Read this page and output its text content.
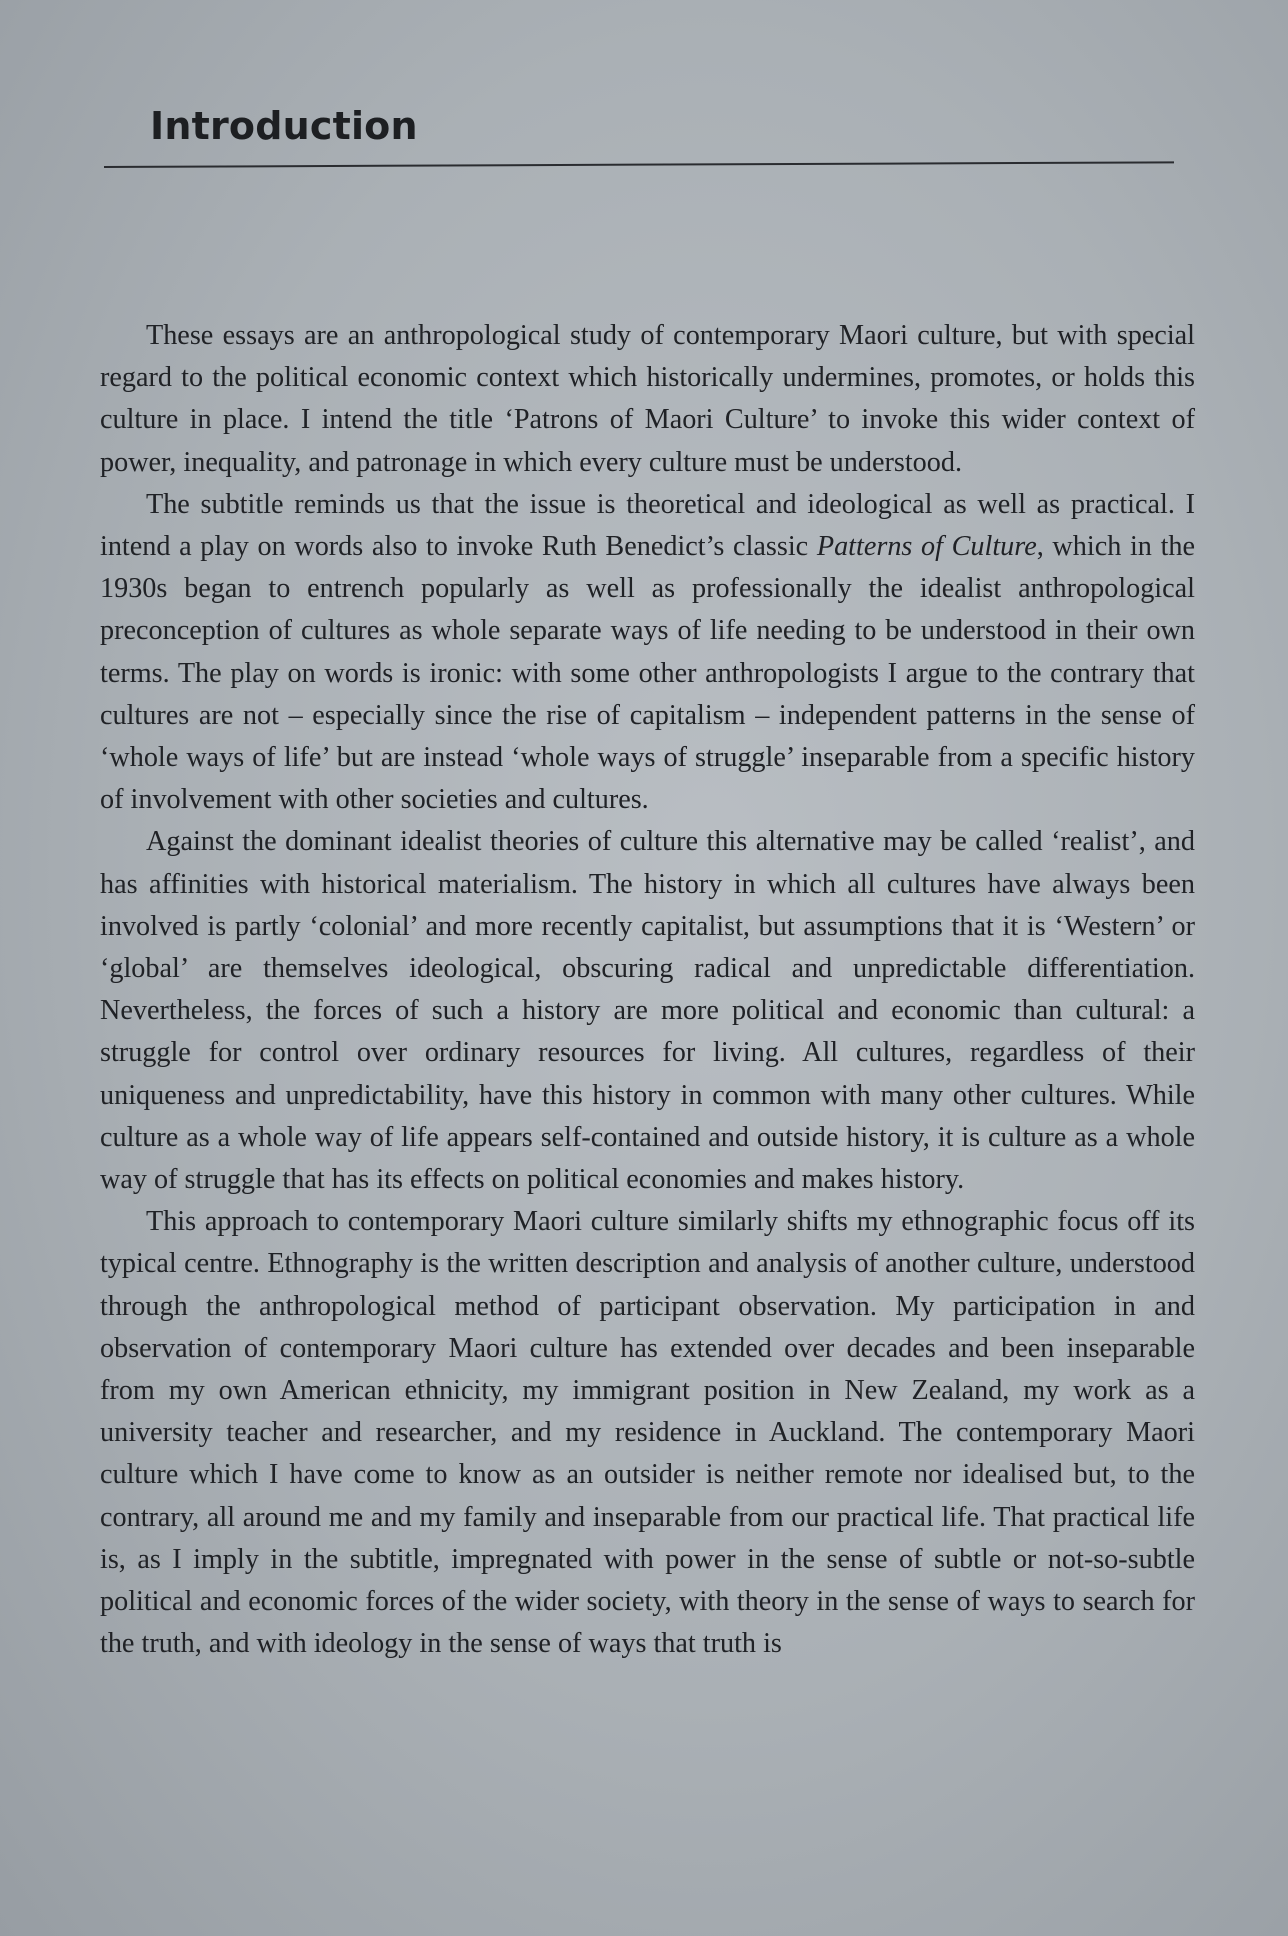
Introduction

These essays are an anthropological study of contemporary Maori culture, but with special regard to the political economic context which historically undermines, promotes, or holds this culture in place. I intend the title ‘Patrons of Maori Culture’ to invoke this wider context of power, inequality, and patronage in which every culture must be understood.

The subtitle reminds us that the issue is theoretical and ideological as well as practical. I intend a play on words also to invoke Ruth Benedict’s classic Patterns of Culture, which in the 1930s began to entrench popularly as well as professionally the idealist anthropological preconception of cultures as whole separate ways of life needing to be understood in their own terms. The play on words is ironic: with some other anthropologists I argue to the contrary that cultures are not – especially since the rise of capitalism – independent patterns in the sense of ‘whole ways of life’ but are instead ‘whole ways of struggle’ inseparable from a specific history of involvement with other societies and cultures.

Against the dominant idealist theories of culture this alternative may be called ‘realist’, and has affinities with historical materialism. The history in which all cultures have always been involved is partly ‘colonial’ and more recently capitalist, but assumptions that it is ‘Western’ or ‘global’ are themselves ideological, obscuring radical and unpredictable differentiation. Nevertheless, the forces of such a history are more political and economic than cultural: a struggle for control over ordinary resources for living. All cultures, regardless of their uniqueness and unpredictability, have this history in common with many other cultures. While culture as a whole way of life appears self-contained and outside history, it is culture as a whole way of struggle that has its effects on political economies and makes history.

This approach to contemporary Maori culture similarly shifts my ethnographic focus off its typical centre. Ethnography is the written description and analysis of another culture, understood through the anthropological method of participant observation. My participation in and observation of contemporary Maori culture has extended over decades and been inseparable from my own American ethnicity, my immigrant position in New Zealand, my work as a university teacher and researcher, and my residence in Auckland. The contemporary Maori culture which I have come to know as an outsider is neither remote nor idealised but, to the contrary, all around me and my family and inseparable from our practical life. That practical life is, as I imply in the subtitle, impregnated with power in the sense of subtle or not-so-subtle political and economic forces of the wider society, with theory in the sense of ways to search for the truth, and with ideology in the sense of ways that truth is
